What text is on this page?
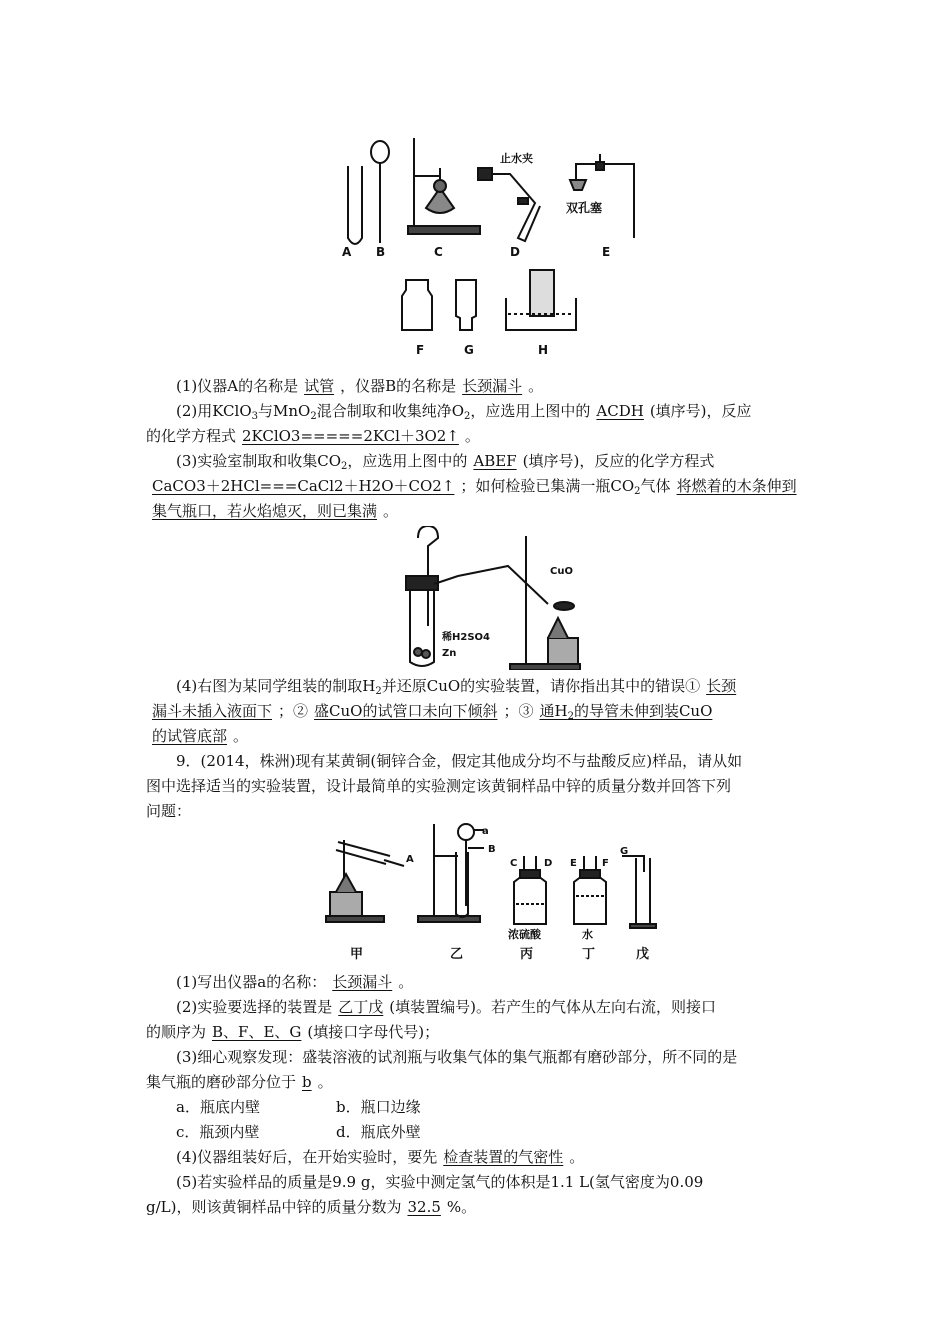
A B	C	D	E
止水夹
双孔塞
F	G	H
(1)仪器A的名称是 试管 ，仪器B的名称是 长颈漏斗 。
(2)用KClO$_3$与MnO$_2$混合制取和收集纯净$O_2$，应选用上图中的 ACDH (填序号)，反应
的化学方程式 2KClO3=====2KCl＋3O2↑ 。
(3)实验室制取和收集$CO_2$，应选用上图中的 ABEF (填序号)，反应的化学方程式
CaCO3＋2HCl===CaCl2＋H2O＋CO2↑ ；如何检验已集满一瓶$CO_2$气体 将燃着的木条伸到
集气瓶口，若火焰熄灭，则已集满 。
CuO
稀H2SO4
Zn
(4)右图为某同学组装的制取$H_2$并还原CuO的实验装置，请你指出其中的错误① 长颈
漏斗未插入液面下 ；② 盛CuO的试管口未向下倾斜 ；③ 通$H_2$的导管未伸到装CuO
的试管底部 。
9．(2014，株洲)现有某黄铜(铜锌合金，假定其他成分均不与盐酸反应)样品，请从如
图中选择适当的实验装置，设计最简单的实验测定该黄铜样品中锌的质量分数并回答下列
问题：
A
a
B
C	D E	F
G
浓硫酸	水
甲	乙	丙	丁	戊
(1)写出仪器a的名称： 长颈漏斗 。
(2)实验要选择的装置是 乙丁戊 (填装置编号)。若产生的气体从左向右流，则接口
的顺序为 B、F、E、G (填接口字母代号)；
(3)细心观察发现：盛装溶液的试剂瓶与收集气体的集气瓶都有磨砂部分，所不同的是
集气瓶的磨砂部分位于 b 。
a．瓶底内壁	b．瓶口边缘
c．瓶颈内壁	d．瓶底外壁
(4)仪器组装好后，在开始实验时，要先 检查装置的气密性 。
(5)若实验样品的质量是9.9 g，实验中测定氢气的体积是1.1 L(氢气密度为0.09
g/L)，则该黄铜样品中锌的质量分数为 32.5 %。
